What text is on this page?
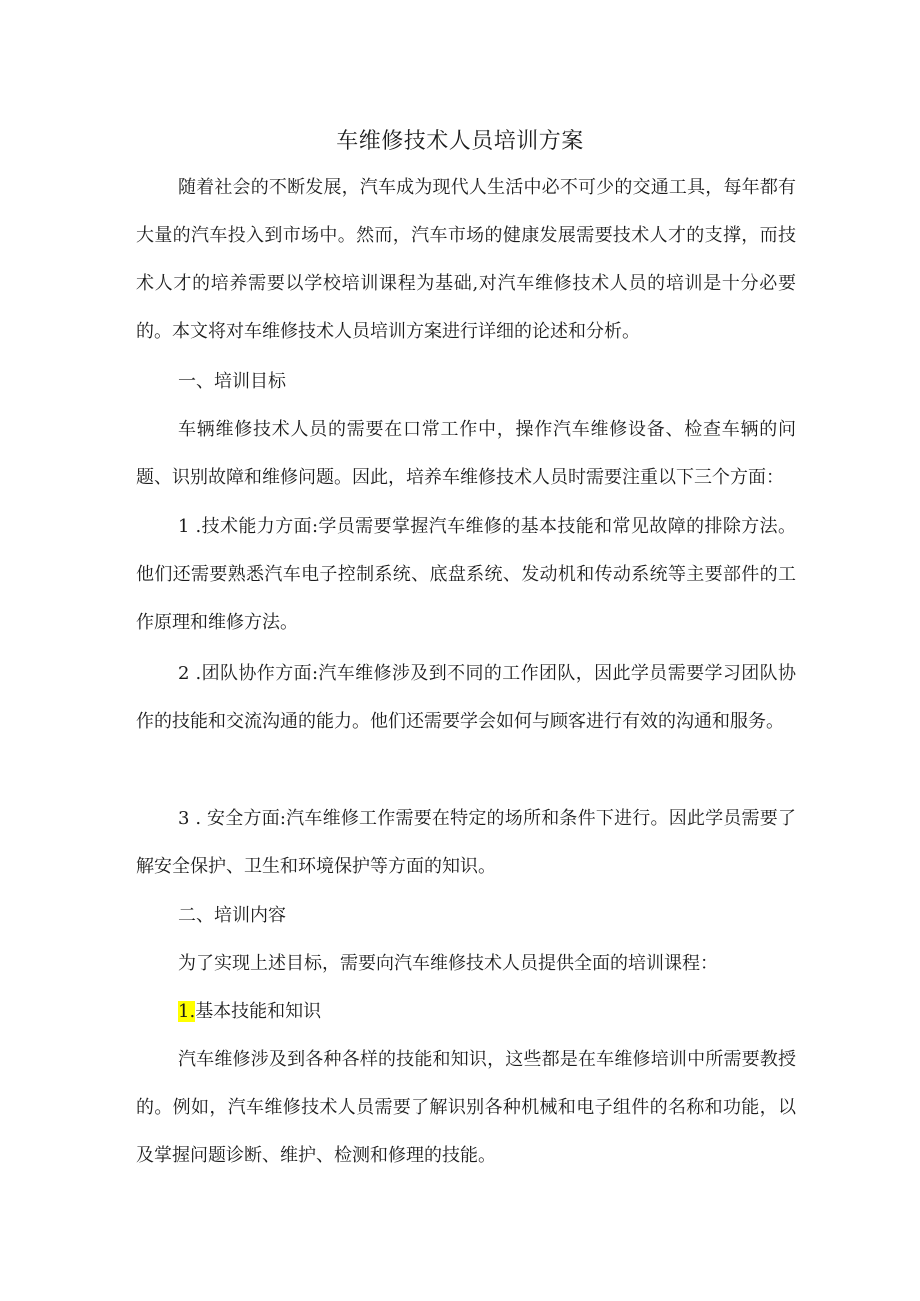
车维修技术人员培训方案

随着社会的不断发展，汽车成为现代人生活中必不可少的交通工具，每年都有大量的汽车投入到市场中。然而，汽车市场的健康发展需要技术人才的支撑，而技术人才的培养需要以学校培训课程为基础,对汽车维修技术人员的培训是十分必要的。本文将对车维修技术人员培训方案进行详细的论述和分析。

一、培训目标

车辆维修技术人员的需要在口常工作中，操作汽车维修设备、检查车辆的问题、识别故障和维修问题。因此，培养车维修技术人员时需要注重以下三个方面：

1 .技术能力方面:学员需要掌握汽车维修的基本技能和常见故障的排除方法。他们还需要熟悉汽车电子控制系统、底盘系统、发动机和传动系统等主要部件的工作原理和维修方法。

2 .团队协作方面:汽车维修涉及到不同的工作团队，因此学员需要学习团队协作的技能和交流沟通的能力。他们还需要学会如何与顾客进行有效的沟通和服务。

3 . 安全方面:汽车维修工作需要在特定的场所和条件下进行。因此学员需要了解安全保护、卫生和环境保护等方面的知识。

二、培训内容

为了实现上述目标，需要向汽车维修技术人员提供全面的培训课程：

1.基本技能和知识

汽车维修涉及到各种各样的技能和知识，这些都是在车维修培训中所需要教授的。例如，汽车维修技术人员需要了解识别各种机械和电子组件的名称和功能，以及掌握问题诊断、维护、检测和修理的技能。
